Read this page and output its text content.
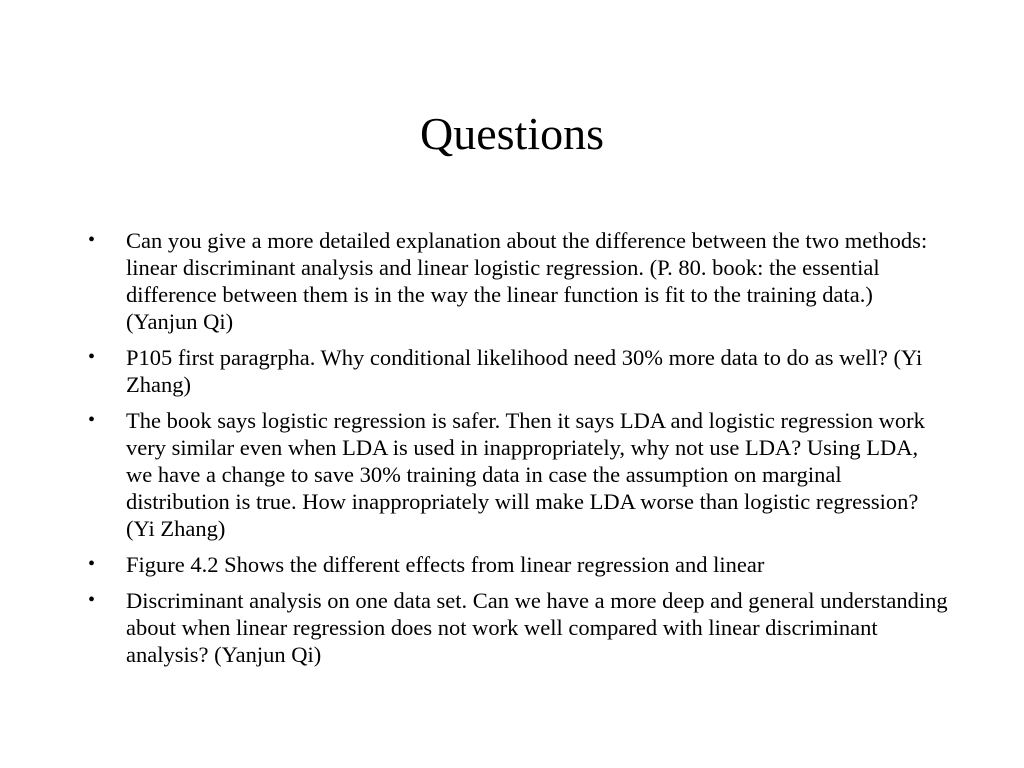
Questions
•	Can you give a more detailed explanation about the difference between the two methods: linear discriminant analysis and linear logistic regression. (P. 80. book: the essential difference between them is in the way the linear function is fit to the training data.) (Yanjun Qi)
•	P105 first paragrpha. Why conditional likelihood need 30% more data to do as well? (Yi Zhang)
•	The book says logistic regression is safer. Then it says LDA and logistic regression work very similar even when LDA is used in inappropriately, why not use LDA? Using LDA, we have a change to save 30% training data in case the assumption on marginal distribution is true. How inappropriately will make LDA worse than logistic regression? (Yi Zhang)
•	Figure 4.2 Shows the different effects from linear regression and linear
•	Discriminant analysis on one data set. Can we have a more deep and general understanding about when linear regression does not work well compared with linear discriminant analysis? (Yanjun Qi)
